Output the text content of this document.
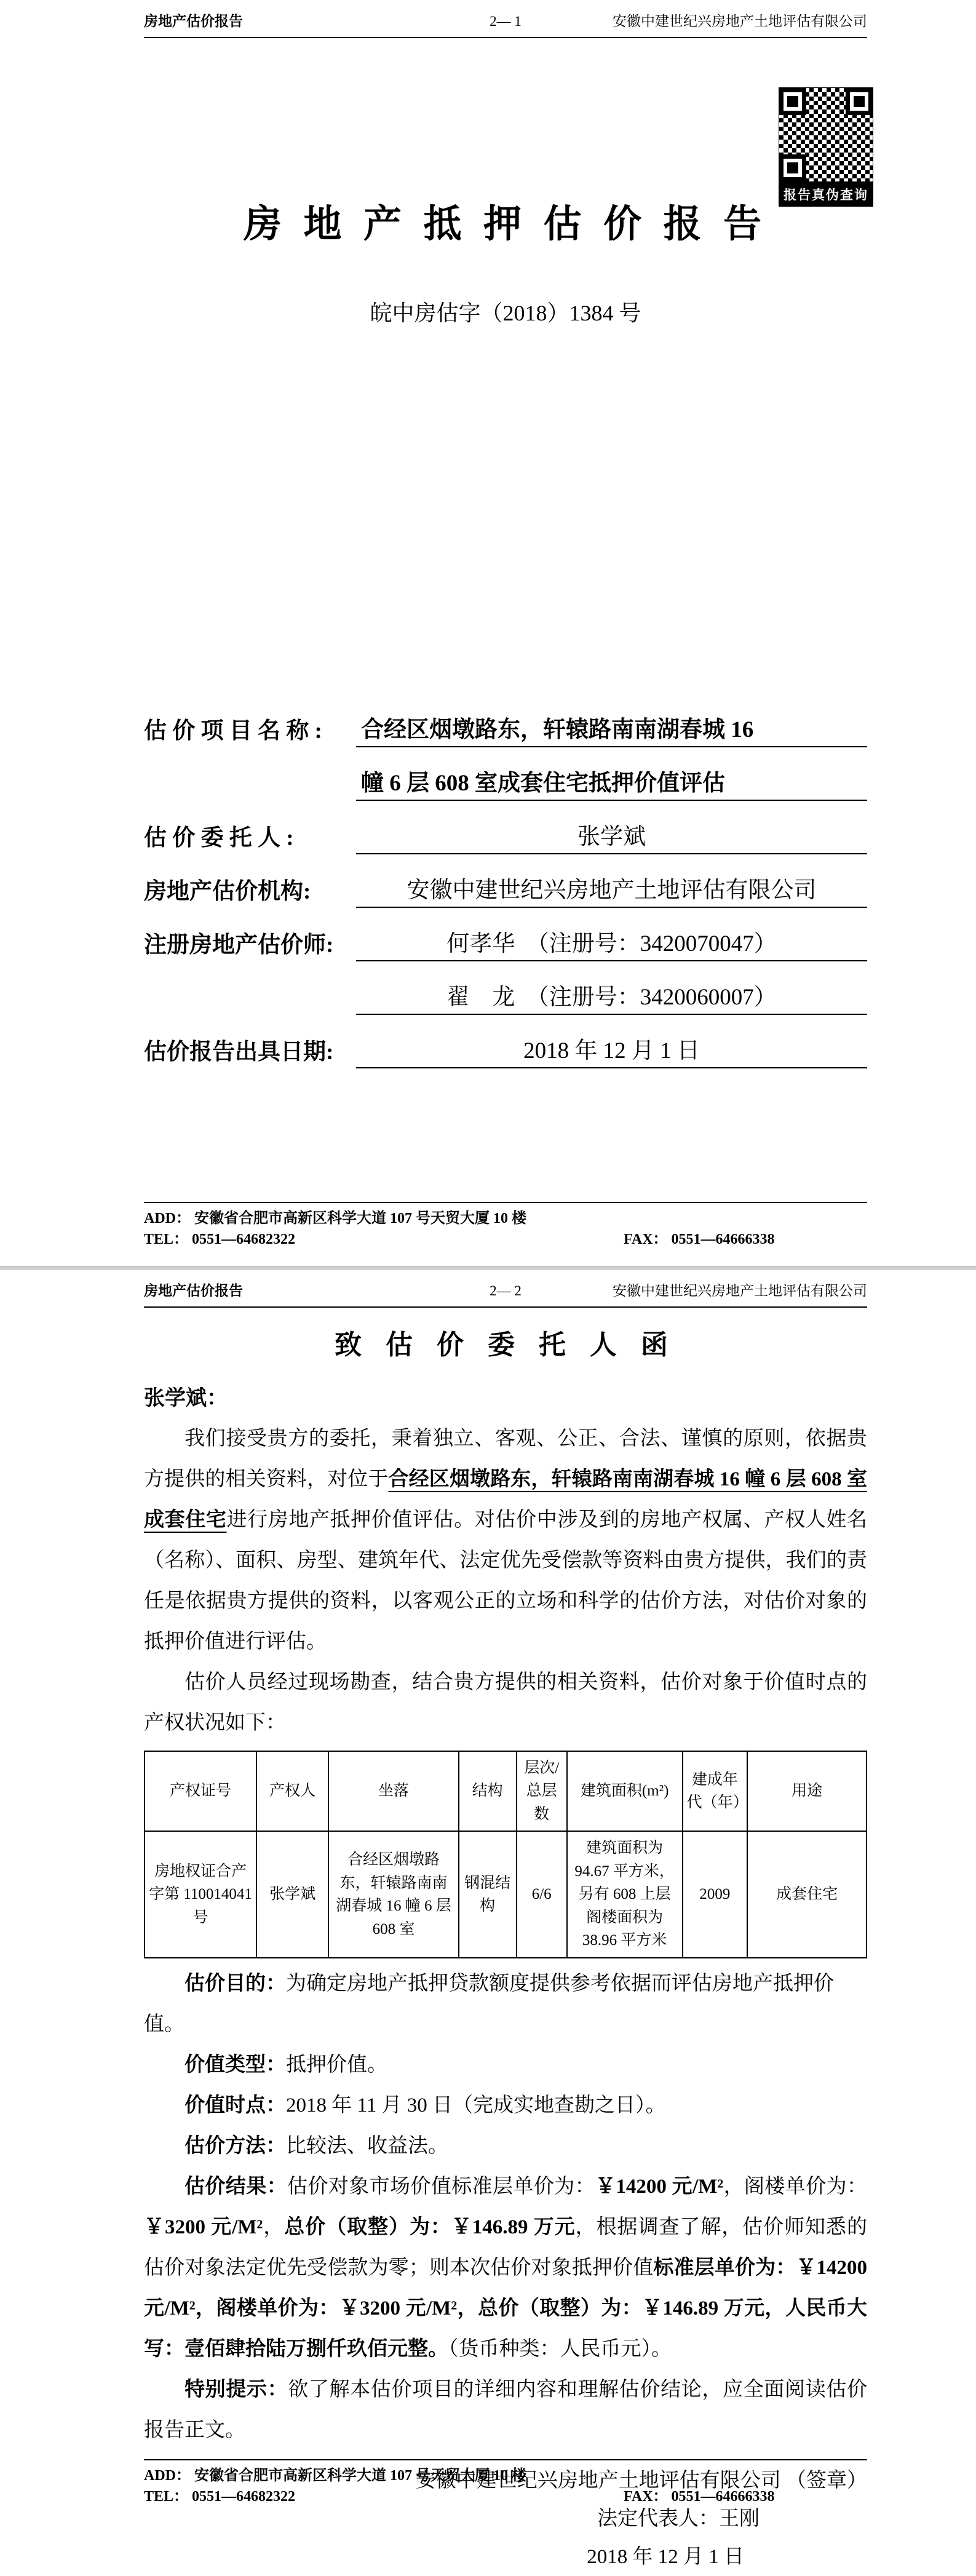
房地产估价报告	2— 1	安徽中建世纪兴房地产土地评估有限公司
报告真伪查询
房 地 产 抵 押 估 价 报 告
皖中房估字（2018）1384 号
估 价 项 目 名 称 :	合经区烟墩路东，轩辕路南南湖春城 16
幢 6 层 608 室成套住宅抵押价值评估
估 价 委 托 人 :	张学斌
房地产估价机构:	安徽中建世纪兴房地产土地评估有限公司
注册房地产估价师:	何孝华　（注册号：3420070047）
翟　龙　（注册号：3420060007）
估价报告出具日期:	2018 年 12 月 1 日
ADD： 安徽省合肥市高新区科学大道 107 号天贸大厦 10 楼
TEL： 0551—64682322	FAX： 0551—64666338
房地产估价报告	2— 2	安徽中建世纪兴房地产土地评估有限公司
致 估 价 委 托 人 函
张学斌：

我们接受贵方的委托，秉着独立、客观、公正、合法、谨慎的原则，依据贵方提供的相关资料，对位于合经区烟墩路东，轩辕路南南湖春城 16 幢 6 层 608 室成套住宅进行房地产抵押价值评估。对估价中涉及到的房地产权属、产权人姓名（名称）、面积、房型、建筑年代、法定优先受偿款等资料由贵方提供，我们的责任是依据贵方提供的资料，以客观公正的立场和科学的估价方法，对估价对象的抵押价值进行评估。

估价人员经过现场勘查，结合贵方提供的相关资料，估价对象于价值时点的产权状况如下：

产权证号	产权人	坐落	结构	层次/总层数	建筑面积(m²)	建成年代（年）	用途
房地权证合产字第 110014041 号	张学斌	合经区烟墩路东，轩辕路南南湖春城 16 幢 6 层 608 室	钢混结构	6/6	建筑面积为 94.67 平方米，另有 608 上层阁楼面积为 38.96 平方米	2009	成套住宅
估价目的：为确定房地产抵押贷款额度提供参考依据而评估房地产抵押价值。
价值类型：抵押价值。
价值时点：2018 年 11 月 30 日（完成实地查勘之日）。
估价方法：比较法、收益法。

估价结果：估价对象市场价值标准层单价为：￥14200 元/M²，阁楼单价为：￥3200 元/M²，总价（取整）为：￥146.89 万元，根据调查了解，估价师知悉的估价对象法定优先受偿款为零；则本次估价对象抵押价值标准层单价为：￥14200 元/M²，阁楼单价为：￥3200 元/M²，总价（取整）为：￥146.89 万元，人民币大写：壹佰肆拾陆万捌仟玖佰元整。（货币种类：人民币元）。

特别提示：欲了解本估价项目的详细内容和理解估价结论，应全面阅读估价报告正文。

安徽中建世纪兴房地产土地评估有限公司 （签章）
法定代表人：王刚
2018 年 12 月 1 日
ADD： 安徽省合肥市高新区科学大道 107 号天贸大厦 10 楼
TEL： 0551—64682322	FAX： 0551—64666338
